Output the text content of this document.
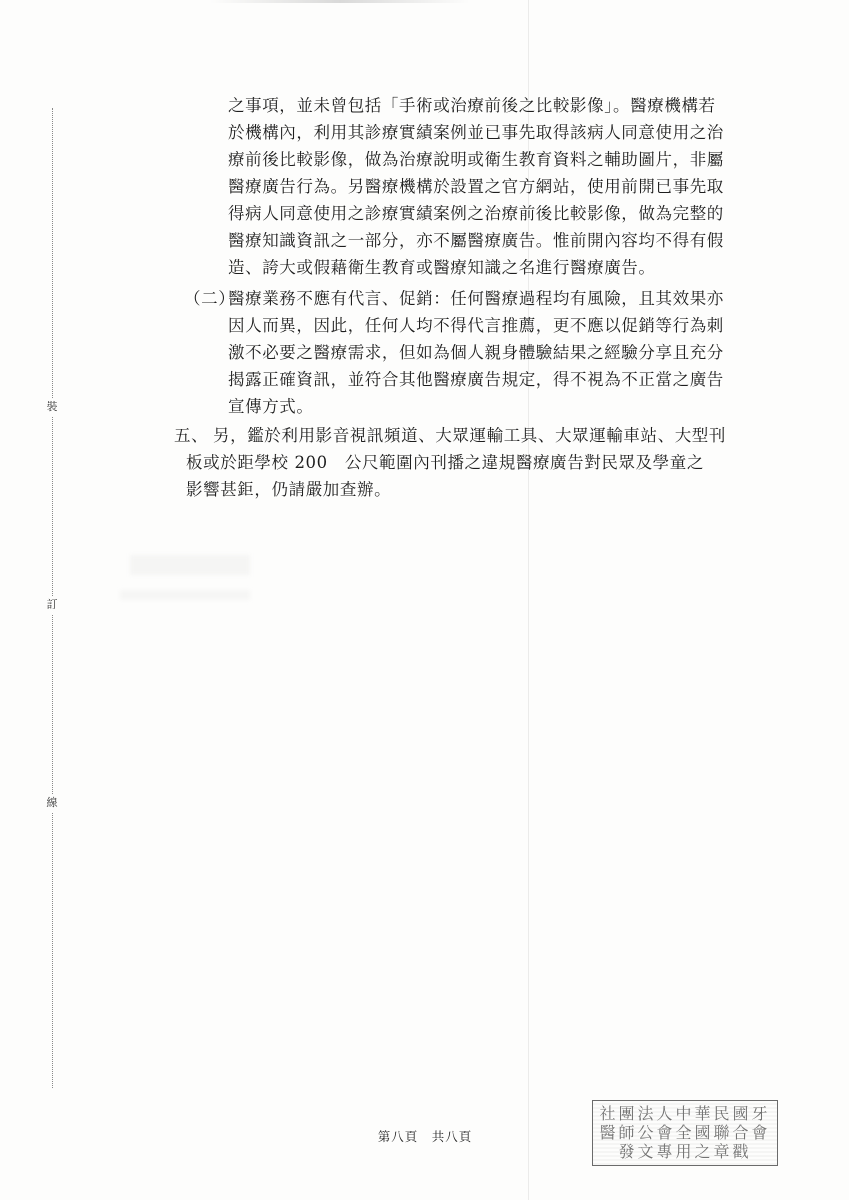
裝
訂
線

之事項，並未曾包括「手術或治療前後之比較影像」。醫療機構若

於機構內，利用其診療實績案例並已事先取得該病人同意使用之治

療前後比較影像，做為治療說明或衛生教育資料之輔助圖片，非屬

醫療廣告行為。另醫療機構於設置之官方網站，使用前開已事先取

得病人同意使用之診療實績案例之治療前後比較影像，做為完整的

醫療知識資訊之一部分，亦不屬醫療廣告。惟前開內容均不得有假

造、誇大或假藉衛生教育或醫療知識之名進行醫療廣告。

（二）

醫療業務不應有代言、促銷：任何醫療過程均有風險，且其效果亦

因人而異，因此，任何人均不得代言推薦，更不應以促銷等行為刺

激不必要之醫療需求，但如為個人親身體驗結果之經驗分享且充分

揭露正確資訊，並符合其他醫療廣告規定，得不視為不正當之廣告

宣傳方式。

五、 另，鑑於利用影音視訊頻道、大眾運輸工具、大眾運輸車站、大型刊

板或於距學校 200　公尺範圍內刊播之違規醫療廣告對民眾及學童之

影響甚鉅，仍請嚴加查辦。

第八頁　共八頁
社團法人中華民國牙
醫師公會全國聯合會
發文專用之章戳
